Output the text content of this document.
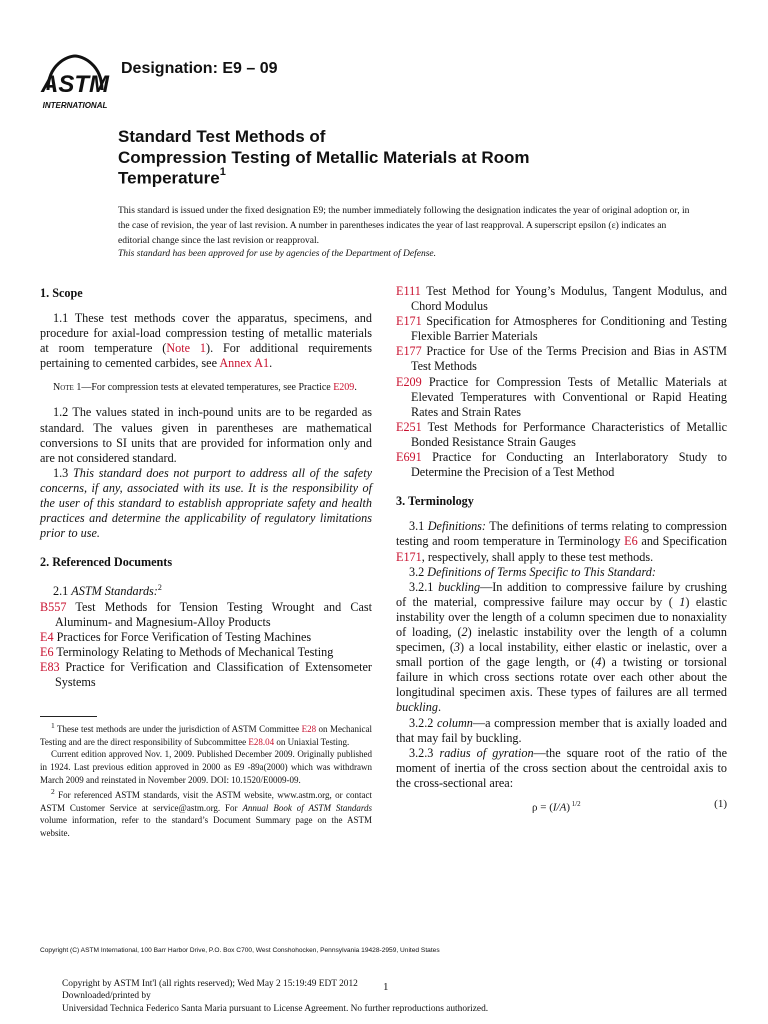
ASTM
INTERNATIONAL
Designation: E9 – 09
Standard Test Methods of
Compression Testing of Metallic Materials at Room
Temperature$^1$
This standard is issued under the fixed designation E9; the number immediately following the designation indicates the year of original adoption or, in the case of revision, the year of last revision. A number in parentheses indicates the year of last reapproval. A superscript epsilon (ε) indicates an editorial change since the last revision or reapproval.
This standard has been approved for use by agencies of the Department of Defense.

1. Scope

1.1 These test methods cover the apparatus, specimens, and procedure for axial-load compression testing of metallic materials at room temperature (Note 1). For additional requirements pertaining to cemented carbides, see Annex A1.

Note 1—For compression tests at elevated temperatures, see Practice E209.

1.2 The values stated in inch-pound units are to be regarded as standard. The values given in parentheses are mathematical conversions to SI units that are provided for information only and are not considered standard.

1.3 This standard does not purport to address all of the safety concerns, if any, associated with its use. It is the responsibility of the user of this standard to establish appropriate safety and health practices and determine the applicability of regulatory limitations prior to use.

2. Referenced Documents

2.1 ASTM Standards:$^2$

B557 Test Methods for Tension Testing Wrought and Cast Aluminum- and Magnesium-Alloy Products

E4 Practices for Force Verification of Testing Machines

E6 Terminology Relating to Methods of Mechanical Testing

E83 Practice for Verification and Classification of Extensometer Systems

$^1$ These test methods are under the jurisdiction of ASTM Committee E28 on Mechanical Testing and are the direct responsibility of Subcommittee E28.04 on Uniaxial Testing.

Current edition approved Nov. 1, 2009. Published December 2009. Originally published in 1924. Last previous edition approved in 2000 as E9 -89a(2000) which was withdrawn March 2009 and reinstated in November 2009. DOI: 10.1520/E0009-09.

$^2$ For referenced ASTM standards, visit the ASTM website, www.astm.org, or contact ASTM Customer Service at service@astm.org. For Annual Book of ASTM Standards volume information, refer to the standard’s Document Summary page on the ASTM website.

E111 Test Method for Young’s Modulus, Tangent Modulus, and Chord Modulus

E171 Specification for Atmospheres for Conditioning and Testing Flexible Barrier Materials

E177 Practice for Use of the Terms Precision and Bias in ASTM Test Methods

E209 Practice for Compression Tests of Metallic Materials at Elevated Temperatures with Conventional or Rapid Heating Rates and Strain Rates

E251 Test Methods for Performance Characteristics of Metallic Bonded Resistance Strain Gauges

E691 Practice for Conducting an Interlaboratory Study to Determine the Precision of a Test Method

3. Terminology

3.1 Definitions: The definitions of terms relating to compression testing and room temperature in Terminology E6 and Specification E171, respectively, shall apply to these test methods.

3.2 Definitions of Terms Specific to This Standard:

3.2.1 buckling—In addition to compressive failure by crushing of the material, compressive failure may occur by ( 1) elastic instability over the length of a column specimen due to nonaxiality of loading, (2) inelastic instability over the length of a column specimen, (3) a local instability, either elastic or inelastic, over a small portion of the gage length, or (4) a twisting or torsional failure in which cross sections rotate over each other about the longitudinal specimen axis. These types of failures are all termed buckling.

3.2.2 column—a compression member that is axially loaded and that may fail by buckling.

3.2.3 radius of gyration—the square root of the ratio of the moment of inertia of the cross section about the centroidal axis to the cross-sectional area:

ρ = (I/A) $^{1/2}$	(1)
Copyright (C) ASTM International, 100 Barr Harbor Drive, P.O. Box C700, West Conshohocken, Pennsylvania 19428-2959, United States
Copyright by ASTM Int'l (all rights reserved); Wed May 2 15:19:49 EDT 2012
Downloaded/printed by
Universidad Technica Federico Santa Maria pursuant to License Agreement. No further reproductions authorized.
1
